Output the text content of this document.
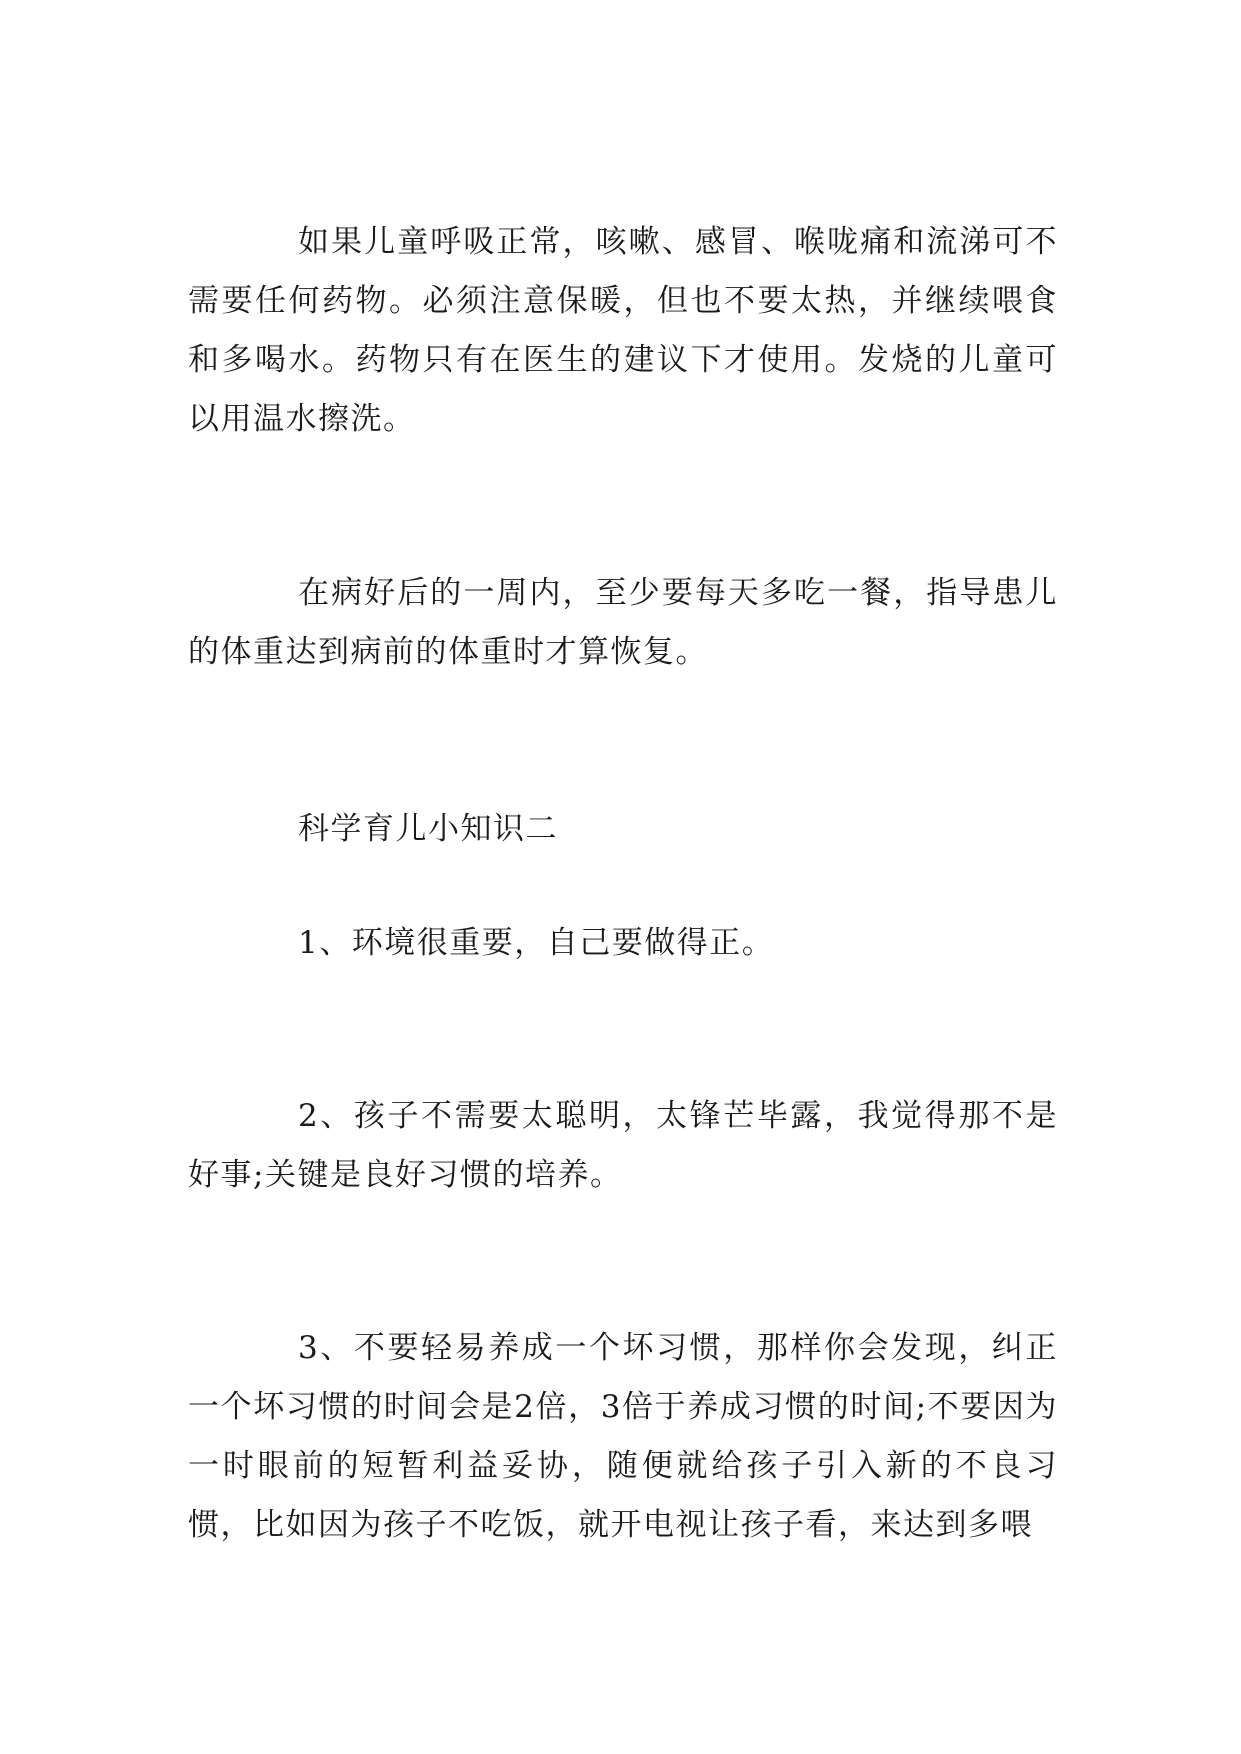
如果儿童呼吸正常，咳嗽、感冒、喉咙痛和流涕可不需要任何药物。必须注意保暖，但也不要太热，并继续喂食和多喝水。药物只有在医生的建议下才使用。发烧的儿童可以用温水擦洗。

在病好后的一周内，至少要每天多吃一餐，指导患儿的体重达到病前的体重时才算恢复。

科学育儿小知识二

1、环境很重要，自己要做得正。

2、孩子不需要太聪明，太锋芒毕露，我觉得那不是好事;关键是良好习惯的培养。

3、不要轻易养成一个坏习惯，那样你会发现，纠正一个坏习惯的时间会是2倍，3倍于养成习惯的时间;不要因为一时眼前的短暂利益妥协，随便就给孩子引入新的不良习惯，比如因为孩子不吃饭，就开电视让孩子看，来达到多喂
